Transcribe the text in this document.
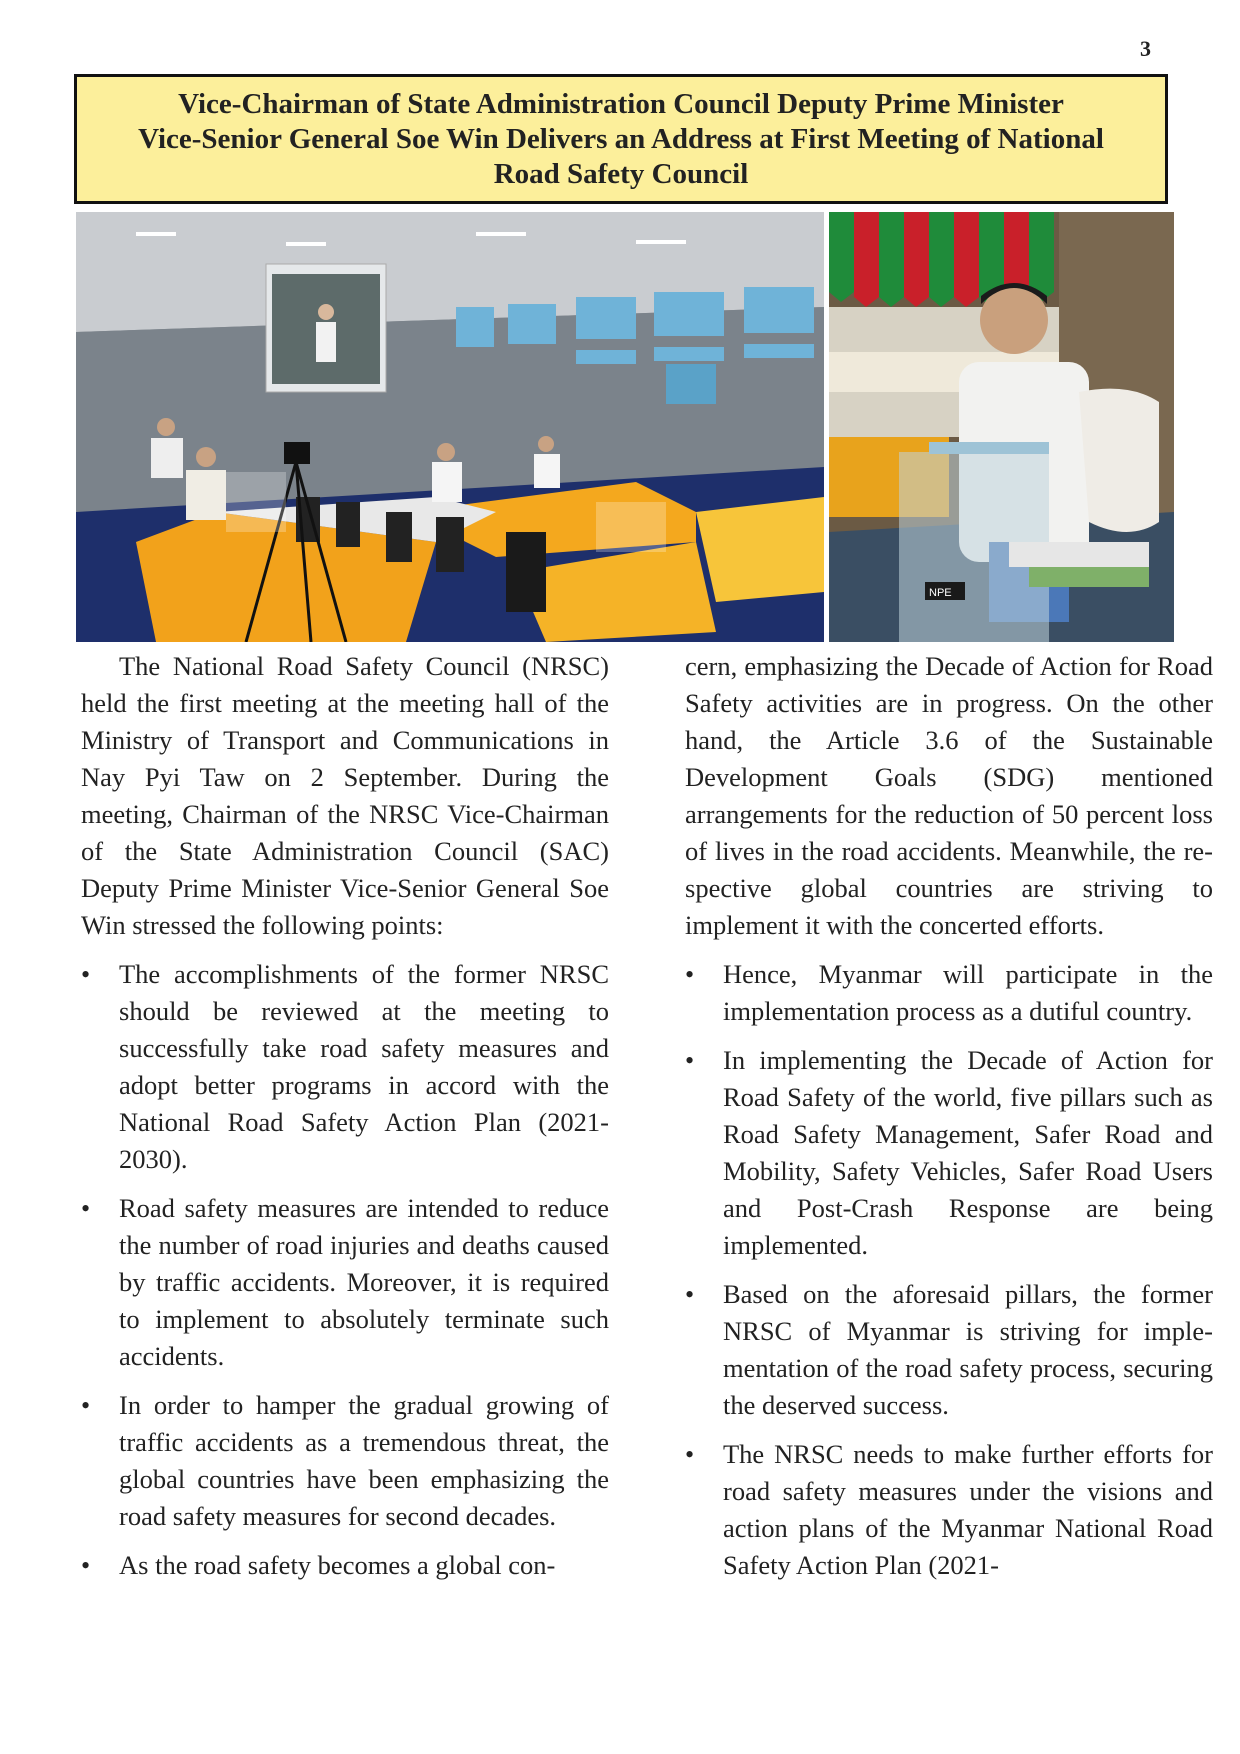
3
Vice-Chairman of State Administration Council Deputy Prime Minister
Vice-Senior General Soe Win Delivers an Address at First Meeting of National
Road Safety Council
NPE

The National Road Safety Council (NRSC) held the first meeting at the meeting hall of the Ministry of Transport and Communications in Nay Pyi Taw on 2 September. During the meeting, Chairman of the NRSC Vice-Chairman of the State Administration Council (SAC) Deputy Prime Minister Vice-Senior General Soe Win stressed the following points:

• The accomplishments of the former NRSC should be reviewed at the meeting to successfully take road safety measures and adopt better programs in accord with the National Road Safety Action Plan (2021-2030).
• Road safety measures are intended to reduce the number of road injuries and deaths caused by traffic accidents. Moreover, it is required to implement to absolutely terminate such accidents.
• In order to hamper the gradual growing of traffic accidents as a tremendous threat, the global countries have been emphasizing the road safety measures for second decades.
• As the road safety becomes a global con-

cern, emphasizing the Decade of Action for Road Safety activities are in progress. On the other hand, the Article 3.6 of the Sustainable Development Goals (SDG) mentioned arrangements for the reduction of 50 percent loss of lives in the road accidents. Meanwhile, the respective global countries are striving to implement it with the concerted efforts.

• Hence, Myanmar will participate in the implementation process as a dutiful country.
• In implementing the Decade of Action for Road Safety of the world, five pillars such as Road Safety Management, Safer Road and Mobility, Safety Vehicles, Safer Road Users and Post-Crash Response are being implemented.
• Based on the aforesaid pillars, the former NRSC of Myanmar is striving for implementation of the road safety process, securing the deserved success.
• The NRSC needs to make further efforts for road safety measures under the visions and action plans of the Myanmar National Road Safety Action Plan (2021-
